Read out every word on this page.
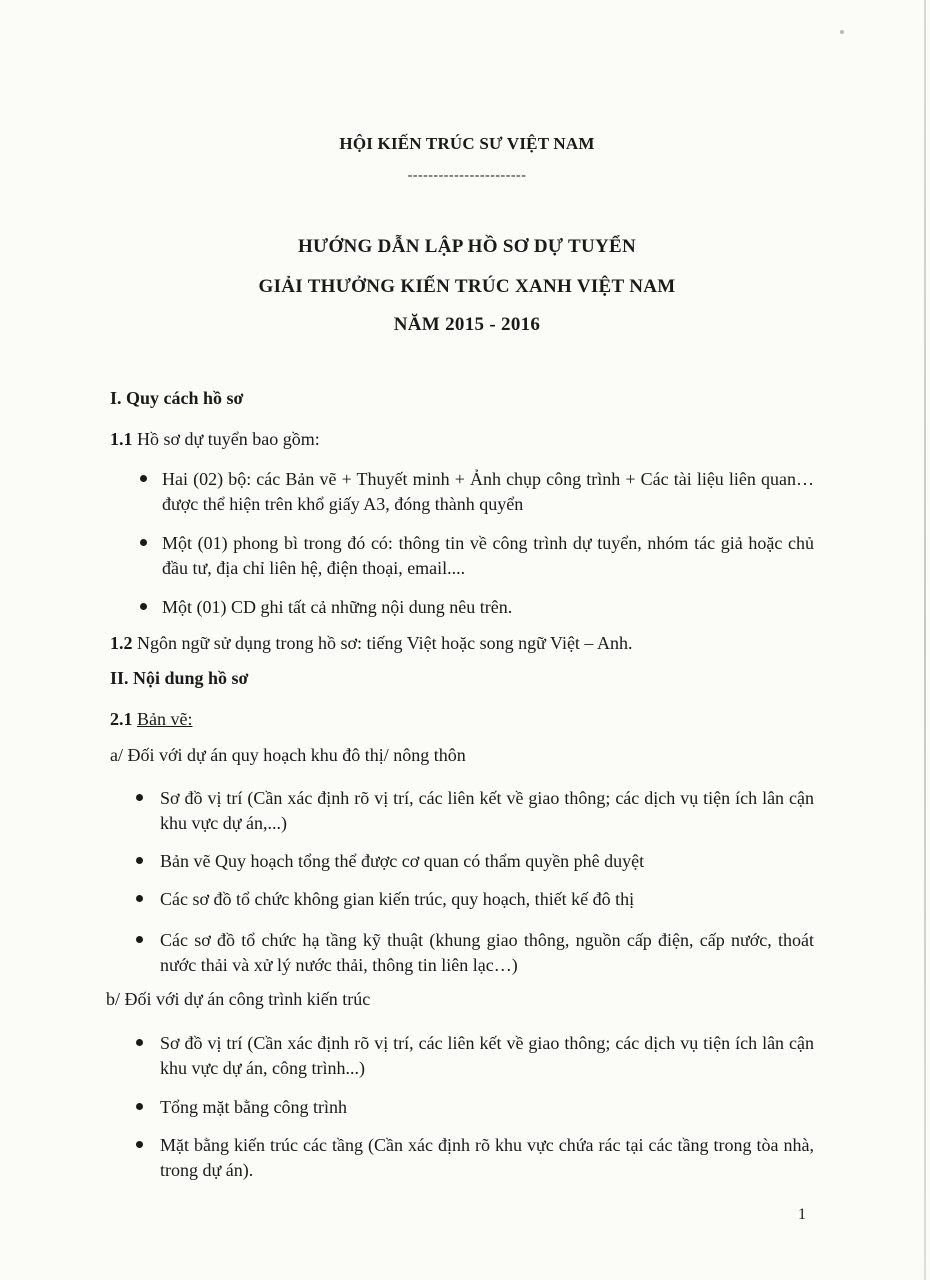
HỘI KIẾN TRÚC SƯ VIỆT NAM
-----------------------
HƯỚNG DẪN LẬP HỒ SƠ DỰ TUYỂN
GIẢI THƯỞNG KIẾN TRÚC XANH VIỆT NAM
NĂM 2015 - 2016
I. Quy cách hồ sơ
1.1 Hồ sơ dự tuyển bao gồm:
Hai (02) bộ: các Bản vẽ + Thuyết minh + Ảnh chụp công trình + Các tài liệu liên quan… được thể hiện trên khổ giấy A3, đóng thành quyển
Một (01) phong bì trong đó có: thông tin về công trình dự tuyển, nhóm tác giả hoặc chủ đầu tư, địa chỉ liên hệ, điện thoại, email....
Một (01) CD ghi tất cả những nội dung nêu trên.
1.2 Ngôn ngữ sử dụng trong hồ sơ: tiếng Việt hoặc song ngữ Việt – Anh.
II. Nội dung hồ sơ
2.1 Bản vẽ:
a/ Đối với dự án quy hoạch khu đô thị/ nông thôn
Sơ đồ vị trí (Cần xác định rõ vị trí, các liên kết về giao thông; các dịch vụ tiện ích lân cận khu vực dự án,...)
Bản vẽ Quy hoạch tổng thể được cơ quan có thẩm quyền phê duyệt
Các sơ đồ tổ chức không gian kiến trúc, quy hoạch, thiết kế đô thị
Các sơ đồ tổ chức hạ tầng kỹ thuật (khung giao thông, nguồn cấp điện, cấp nước, thoát nước thải và xử lý nước thải, thông tin liên lạc…)
b/ Đối với dự án công trình kiến trúc
Sơ đồ vị trí (Cần xác định rõ vị trí, các liên kết về giao thông; các dịch vụ tiện ích lân cận khu vực dự án, công trình...)
Tổng mặt bằng công trình
Mặt bằng kiến trúc các tầng (Cần xác định rõ khu vực chứa rác tại các tầng trong tòa nhà, trong dự án).
1
